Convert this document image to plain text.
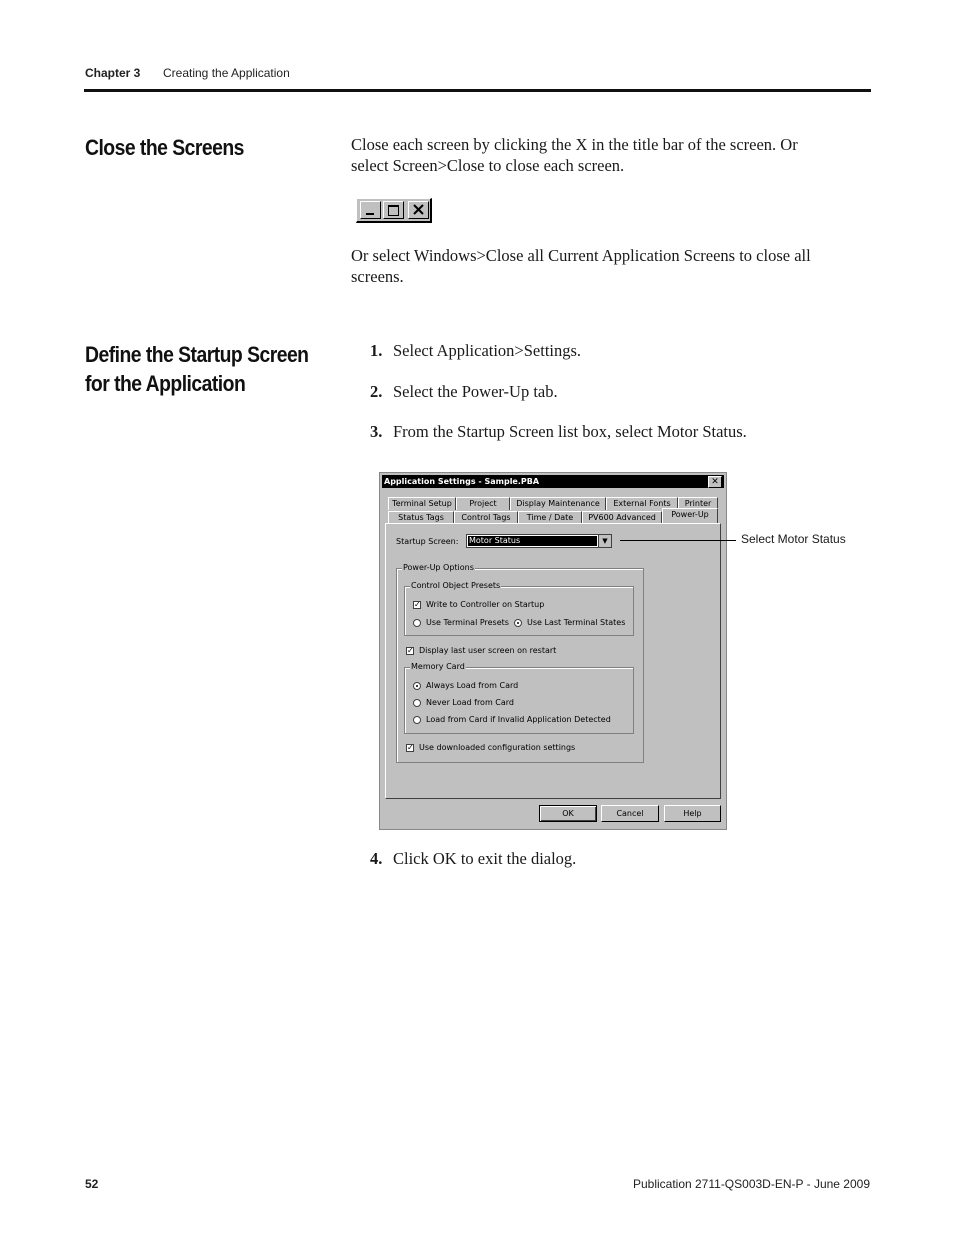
Chapter 3 Creating the Application
Close the Screens	Close each screen by clicking the X in the title bar of the screen. Or
select Screen>Close to close each screen.

Or select Windows>Close all Current Application Screens to close all
screens.

Define the Startup Screen
for the Application
1. Select Application>Settings.
2. Select the Power-Up tab.
3. From the Startup Screen list box, select Motor Status.
4. Click OK to exit the dialog.
Application Settings - Sample.PBA	✕
Terminal Setup	Project	Display Maintenance	External Fonts	Printer
Status Tags	Control Tags	Time / Date	PV600 Advanced	Power-Up
Startup Screen: Motor Status	▼
Power-Up Options
Control Object Presets
✓ Write to Controller on Startup
Use Terminal Presets Use Last Terminal States
✓ Display last user screen on restart
Memory Card
Always Load from Card
Never Load from Card
Load from Card if Invalid Application Detected
✓ Use downloaded configuration settings
OK	Cancel	Help
Select Motor Status
52	Publication 2711-QS003D-EN-P - June 2009
